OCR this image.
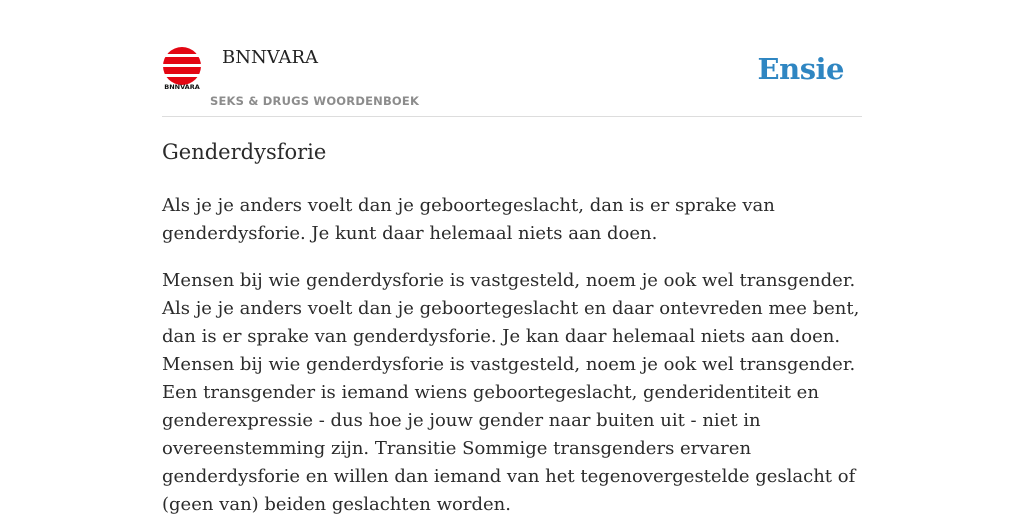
BNNVARA
BNNVARA
SEKS & DRUGS WOORDENBOEK
Ensie
Genderdysforie

Als je je anders voelt dan je geboortegeslacht, dan is er sprake van genderdysforie. Je kunt daar helemaal niets aan doen.

Mensen bij wie genderdysforie is vastgesteld, noem je ook wel transgender. Als je je anders voelt dan je geboortegeslacht en daar ontevreden mee bent, dan is er sprake van genderdysforie. Je kan daar helemaal niets aan doen. Mensen bij wie genderdysforie is vastgesteld, noem je ook wel transgender. Een transgender is iemand wiens geboortegeslacht, genderidentiteit en genderexpressie - dus hoe je jouw gender naar buiten uit - niet in overeenstemming zijn. Transitie Sommige transgenders ervaren genderdysforie en willen dan iemand van het tegenovergestelde geslacht of (geen van) beiden geslachten worden.
